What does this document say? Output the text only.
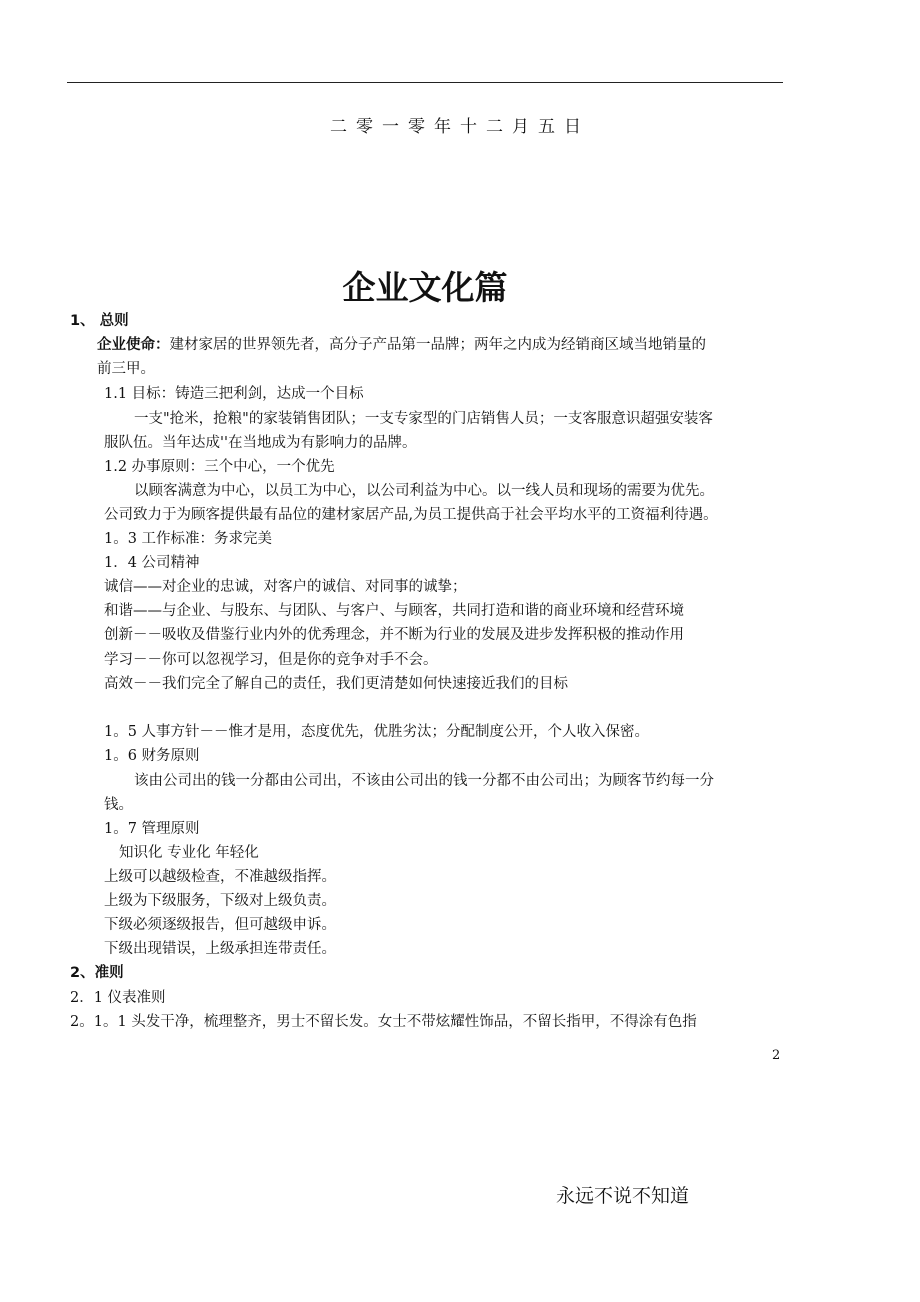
二零一零年十二月五日
企业文化篇
1、 总则
企业使命：建材家居的世界领先者，高分子产品第一品牌；两年之内成为经销商区域当地销量的
前三甲。
1.1 目标：铸造三把利剑，达成一个目标
一支"抢米，抢粮"的家装销售团队；一支专家型的门店销售人员；一支客服意识超强安装客
服队伍。当年达成''在当地成为有影响力的品牌。
1.2 办事原则：三个中心，一个优先
以顾客满意为中心，以员工为中心，以公司利益为中心。以一线人员和现场的需要为优先。
公司致力于为顾客提供最有品位的建材家居产品,为员工提供高于社会平均水平的工资福利待遇。
1。3 工作标准：务求完美
1．4 公司精神
诚信——对企业的忠诚，对客户的诚信、对同事的诚挚；
和谐——与企业、与股东、与团队、与客户、与顾客，共同打造和谐的商业环境和经营环境
创新－－吸收及借鉴行业内外的优秀理念，并不断为行业的发展及进步发挥积极的推动作用
学习－－你可以忽视学习，但是你的竞争对手不会。
高效－－我们完全了解自己的责任，我们更清楚如何快速接近我们的目标
1。5 人事方针－－惟才是用，态度优先，优胜劣汰；分配制度公开，个人收入保密。
1。6 财务原则
该由公司出的钱一分都由公司出，不该由公司出的钱一分都不由公司出；为顾客节约每一分
钱。
1。7 管理原则
知识化 专业化 年轻化
上级可以越级检查，不准越级指挥。
上级为下级服务，下级对上级负责。
下级必须逐级报告，但可越级申诉。
下级出现错误，上级承担连带责任。
2、准则
2．1 仪表准则
2。1。1 头发干净，梳理整齐，男士不留长发。女士不带炫耀性饰品，不留长指甲，不得涂有色指
2
永远不说不知道
